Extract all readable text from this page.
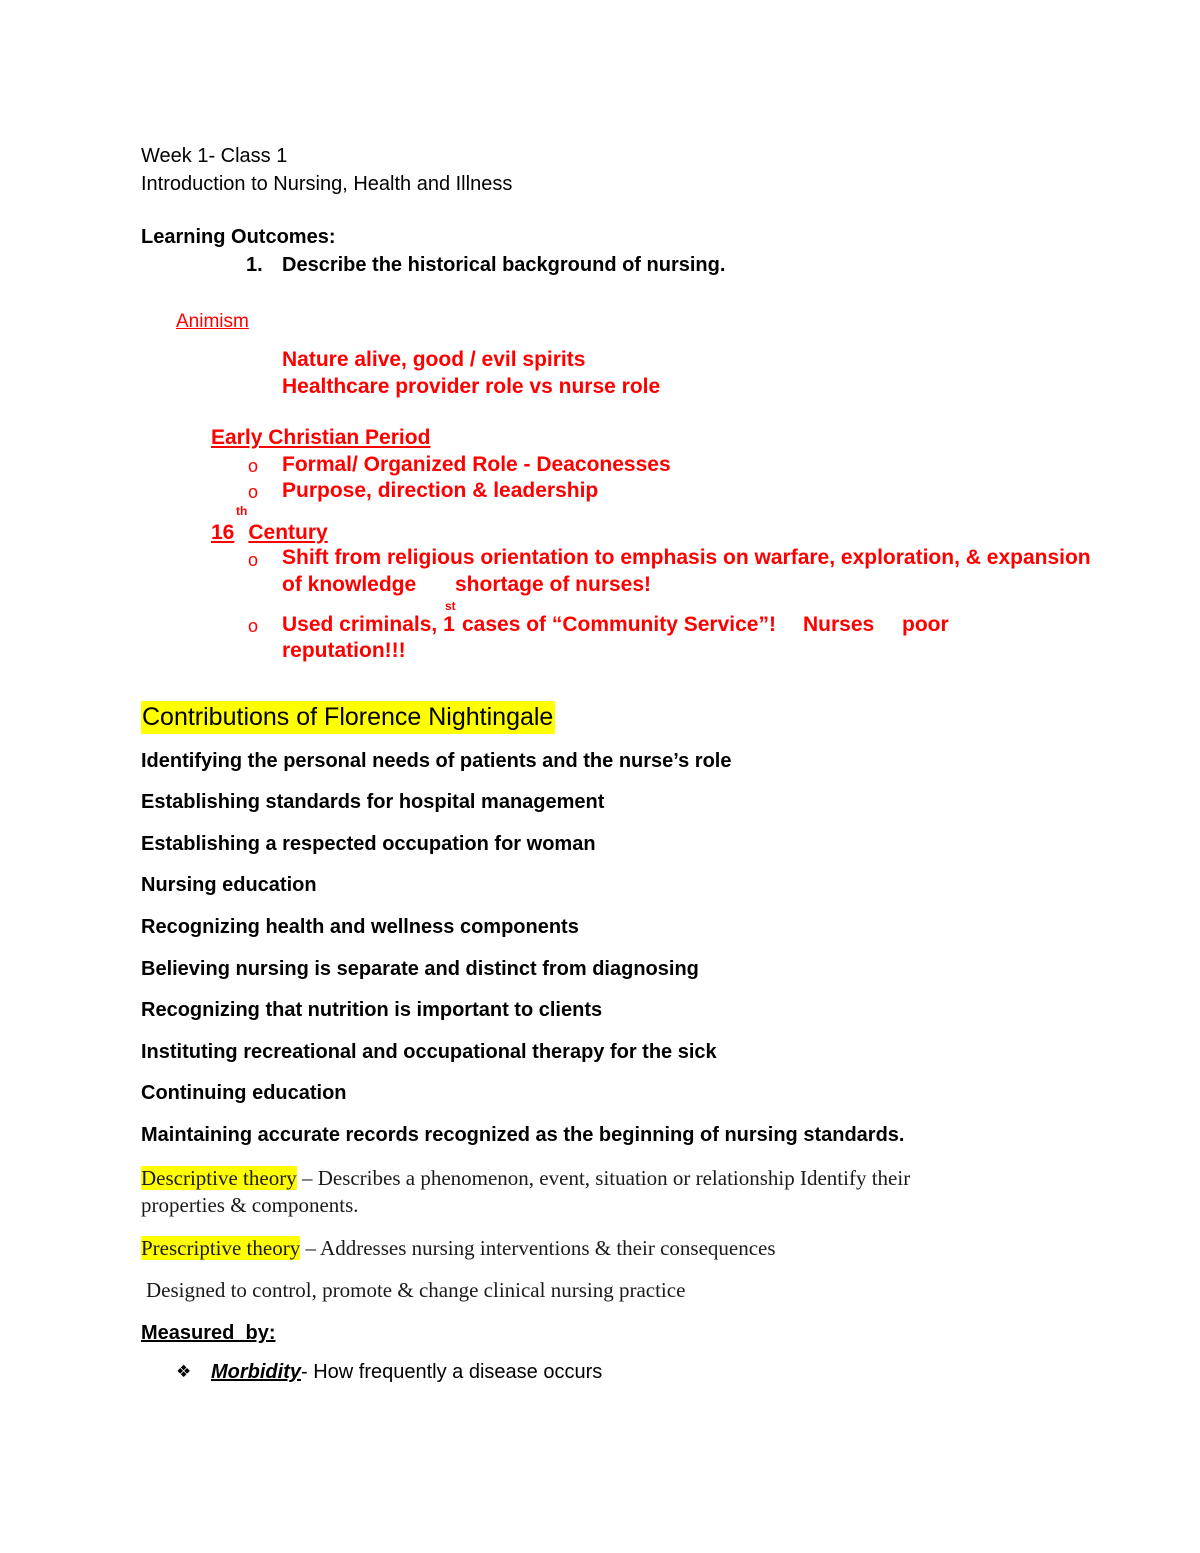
Week 1- Class 1
Introduction to Nursing, Health and Illness
Learning Outcomes:
1. Describe the historical background of nursing.
Animism
Nature alive, good / evil spirits
Healthcare provider role vs nurse role
Early Christian Period
o Formal/ Organized Role - Deaconesses
o Purpose, direction & leadership
th
16 Century
o Shift from religious orientation to emphasis on warfare, exploration, & expansion
of knowledge shortage of nurses!
st
o Used criminals, 1 cases of “Community Service”! Nurses poor
reputation!!!
Contributions of Florence Nightingale
Identifying the personal needs of patients and the nurse’s role
Establishing standards for hospital management
Establishing a respected occupation for woman
Nursing education
Recognizing health and wellness components
Believing nursing is separate and distinct from diagnosing
Recognizing that nutrition is important to clients
Instituting recreational and occupational therapy for the sick
Continuing education
Maintaining accurate records recognized as the beginning of nursing standards.
Descriptive theory – Describes a phenomenon, event, situation or relationship Identify their
properties & components.
Prescriptive theory – Addresses nursing interventions & their consequences
Designed to control, promote & change clinical nursing practice
Measured  by:
❖ Morbidity- How frequently a disease occurs
